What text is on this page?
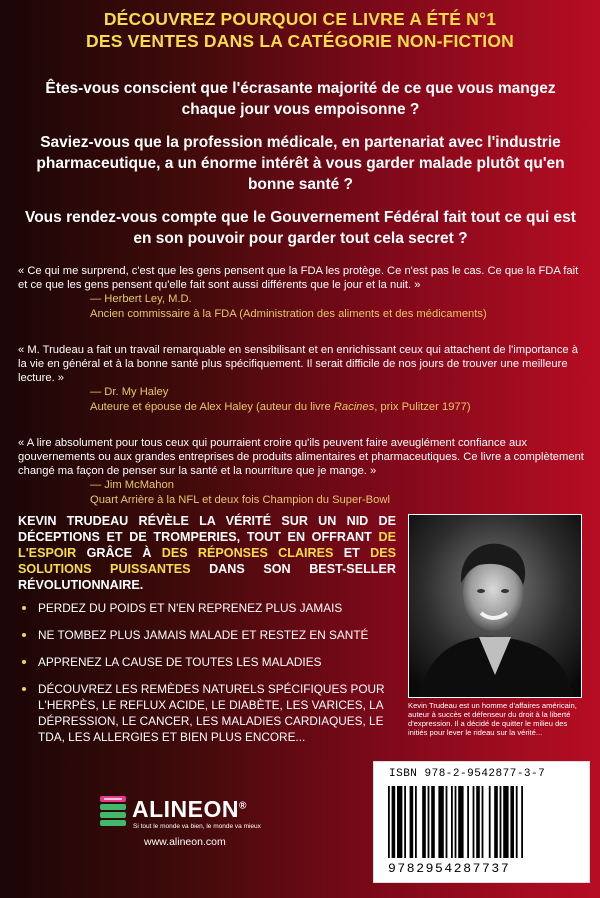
DÉCOUVREZ POURQUOI CE LIVRE A ÉTÉ N°1
DES VENTES DANS LA CATÉGORIE NON-FICTION

Êtes-vous conscient que l'écrasante majorité de ce que vous mangez chaque jour vous empoisonne ?

Saviez-vous que la profession médicale, en partenariat avec l'industrie pharmaceutique, a un énorme intérêt à vous garder malade plutôt qu'en bonne santé ?

Vous rendez-vous compte que le Gouvernement Fédéral fait tout ce qui est en son pouvoir pour garder tout cela secret ?

« Ce qui me surprend, c'est que les gens pensent que la FDA les protège. Ce n'est pas le cas. Ce que la FDA fait et ce que les gens pensent qu'elle fait sont aussi différents que le jour et la nuit. »
— Herbert Ley, M.D.
Ancien commissaire à la FDA (Administration des aliments et des médicaments)
« M. Trudeau a fait un travail remarquable en sensibilisant et en enrichissant ceux qui attachent de l'importance à la vie en général et à la bonne santé plus spécifiquement. Il serait difficile de nos jours de trouver une meilleure lecture. »
— Dr. My Haley
Auteure et épouse de Alex Haley (auteur du livre Racines, prix Pulitzer 1977)
« A lire absolument pour tous ceux qui pourraient croire qu'ils peuvent faire aveuglément confiance aux gouvernements ou aux grandes entreprises de produits alimentaires et pharmaceutiques. Ce livre a complètement changé ma façon de penser sur la santé et la nourriture que je mange. »
— Jim McMahon
Quart Arrière à la NFL et deux fois Champion du Super-Bowl
KEVIN TRUDEAU RÉVÈLE LA VÉRITÉ SUR UN NID DE DÉCEPTIONS ET DE TROMPERIES, TOUT EN OFFRANT DE L'ESPOIR GRÂCE À DES RÉPONSES CLAIRES ET DES SOLUTIONS PUISSANTES DANS SON BEST-SELLER RÉVOLUTIONNAIRE.
PERDEZ DU POIDS ET N'EN REPRENEZ PLUS JAMAIS
NE TOMBEZ PLUS JAMAIS MALADE ET RESTEZ EN SANTÉ
APPRENEZ LA CAUSE DE TOUTES LES MALADIES
DÉCOUVREZ LES REMÈDES NATURELS SPÉCIFIQUES POUR L'HERPÈS, LE REFLUX ACIDE, LE DIABÈTE, LES VARICES, LA DÉPRESSION, LE CANCER, LES MALADIES CARDIAQUES, LE TDA, LES ALLERGIES ET BIEN PLUS ENCORE...
Kevin Trudeau est un homme d'affaires américain, auteur à succès et défenseur du droit à la liberté d'expression. Il a décidé de quitter le milieu des initiés pour lever le rideau sur la vérité...
ISBN 978-2-9542877-3-7
9782954287737
ALINEON®
Si tout le monde va bien, le monde va mieux
www.alineon.com
